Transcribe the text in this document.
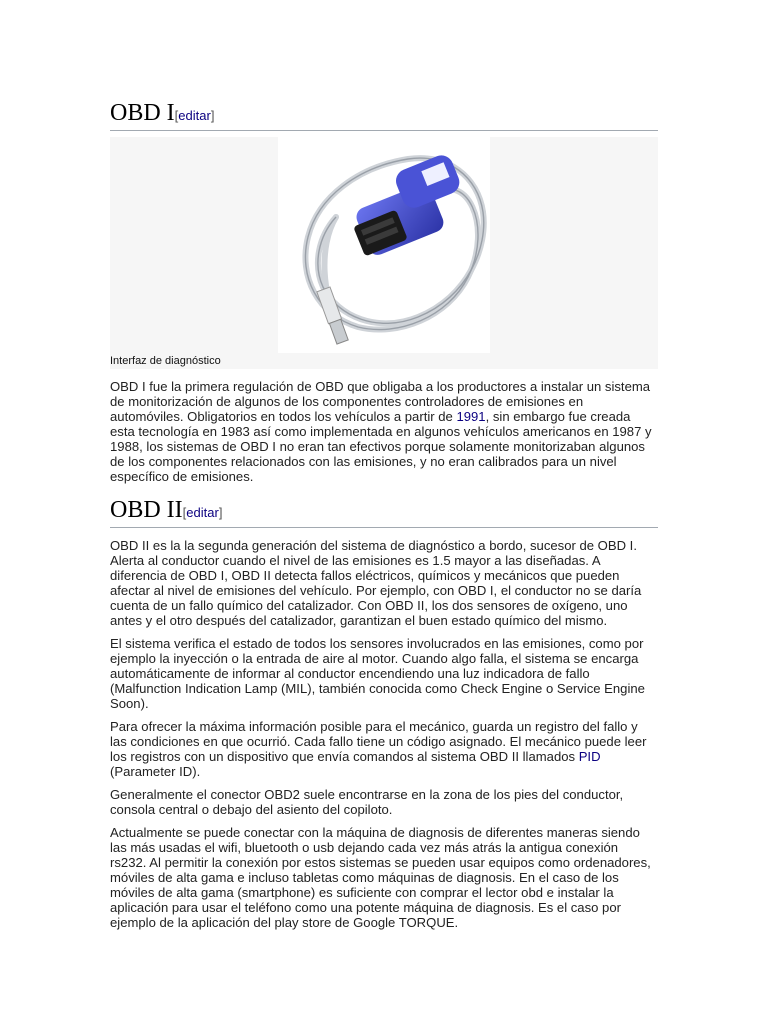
OBD I[editar]
Interfaz de diagnóstico

OBD I fue la primera regulación de OBD que obligaba a los productores a instalar un sistema de monitorización de algunos de los componentes controladores de emisiones en automóviles. Obligatorios en todos los vehículos a partir de 1991, sin embargo fue creada esta tecnología en 1983 así como implementada en algunos vehículos americanos en 1987 y 1988, los sistemas de OBD I no eran tan efectivos porque solamente monitorizaban algunos de los componentes relacionados con las emisiones, y no eran calibrados para un nivel específico de emisiones.

OBD II[editar]

OBD II es la la segunda generación del sistema de diagnóstico a bordo, sucesor de OBD I. Alerta al conductor cuando el nivel de las emisiones es 1.5 mayor a las diseñadas. A diferencia de OBD I, OBD II detecta fallos eléctricos, químicos y mecánicos que pueden afectar al nivel de emisiones del vehículo. Por ejemplo, con OBD I, el conductor no se daría cuenta de un fallo químico del catalizador. Con OBD II, los dos sensores de oxígeno, uno antes y el otro después del catalizador, garantizan el buen estado químico del mismo.

El sistema verifica el estado de todos los sensores involucrados en las emisiones, como por ejemplo la inyección o la entrada de aire al motor. Cuando algo falla, el sistema se encarga automáticamente de informar al conductor encendiendo una luz indicadora de fallo (Malfunction Indication Lamp (MIL), también conocida como Check Engine o Service Engine Soon).

Para ofrecer la máxima información posible para el mecánico, guarda un registro del fallo y las condiciones en que ocurrió. Cada fallo tiene un código asignado. El mecánico puede leer los registros con un dispositivo que envía comandos al sistema OBD II llamados PID (Parameter ID).

Generalmente el conector OBD2 suele encontrarse en la zona de los pies del conductor, consola central o debajo del asiento del copiloto.

Actualmente se puede conectar con la máquina de diagnosis de diferentes maneras siendo las más usadas el wifi, bluetooth o usb dejando cada vez más atrás la antigua conexión rs232. Al permitir la conexión por estos sistemas se pueden usar equipos como ordenadores, móviles de alta gama e incluso tabletas como máquinas de diagnosis. En el caso de los móviles de alta gama (smartphone) es suficiente con comprar el lector obd e instalar la aplicación para usar el teléfono como una potente máquina de diagnosis. Es el caso por ejemplo de la aplicación del play store de Google TORQUE.
